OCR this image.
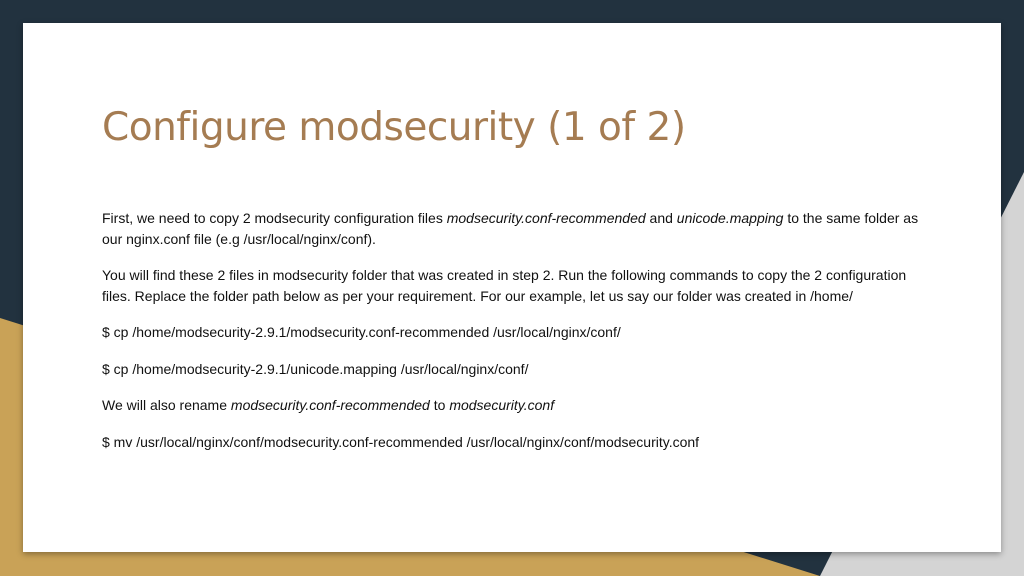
Configure modsecurity (1 of 2)

First, we need to copy 2 modsecurity configuration files modsecurity.conf-recommended and unicode.mapping to the same folder as our nginx.conf file (e.g /usr/local/nginx/conf).

You will find these 2 files in modsecurity folder that was created in step 2. Run the following commands to copy the 2 configuration files. Replace the folder path below as per your requirement. For our example, let us say our folder was created in /home/

$ cp /home/modsecurity-2.9.1/modsecurity.conf-recommended /usr/local/nginx/conf/

$ cp /home/modsecurity-2.9.1/unicode.mapping /usr/local/nginx/conf/

We will also rename modsecurity.conf-recommended to modsecurity.conf

$ mv /usr/local/nginx/conf/modsecurity.conf-recommended /usr/local/nginx/conf/modsecurity.conf
